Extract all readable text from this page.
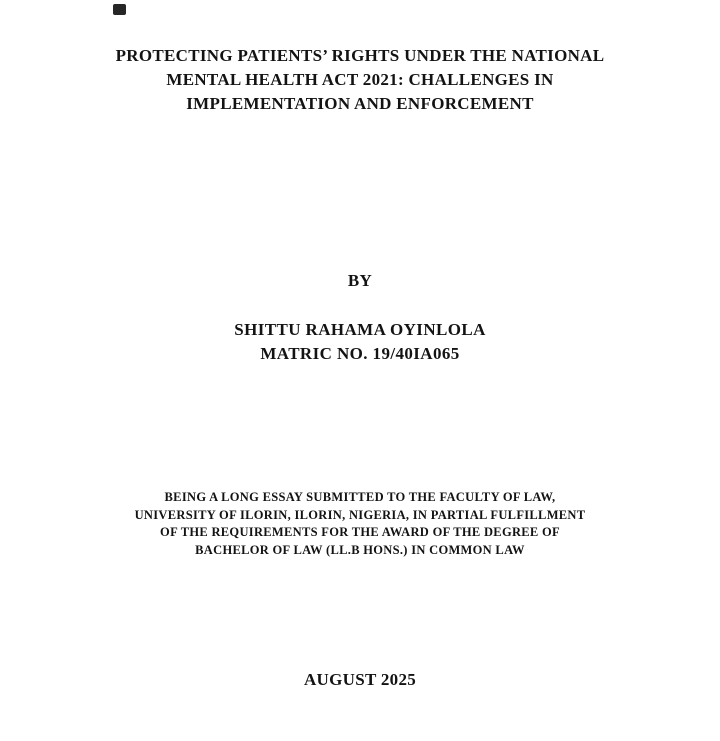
PROTECTING PATIENTS’ RIGHTS UNDER THE NATIONAL
MENTAL HEALTH ACT 2021: CHALLENGES IN
IMPLEMENTATION AND ENFORCEMENT
BY
SHITTU RAHAMA OYINLOLA
MATRIC NO. 19/40IA065
BEING A LONG ESSAY SUBMITTED TO THE FACULTY OF LAW,
UNIVERSITY OF ILORIN, ILORIN, NIGERIA, IN PARTIAL FULFILLMENT
OF THE REQUIREMENTS FOR THE AWARD OF THE DEGREE OF
BACHELOR OF LAW (LL.B HONS.) IN COMMON LAW
AUGUST 2025
